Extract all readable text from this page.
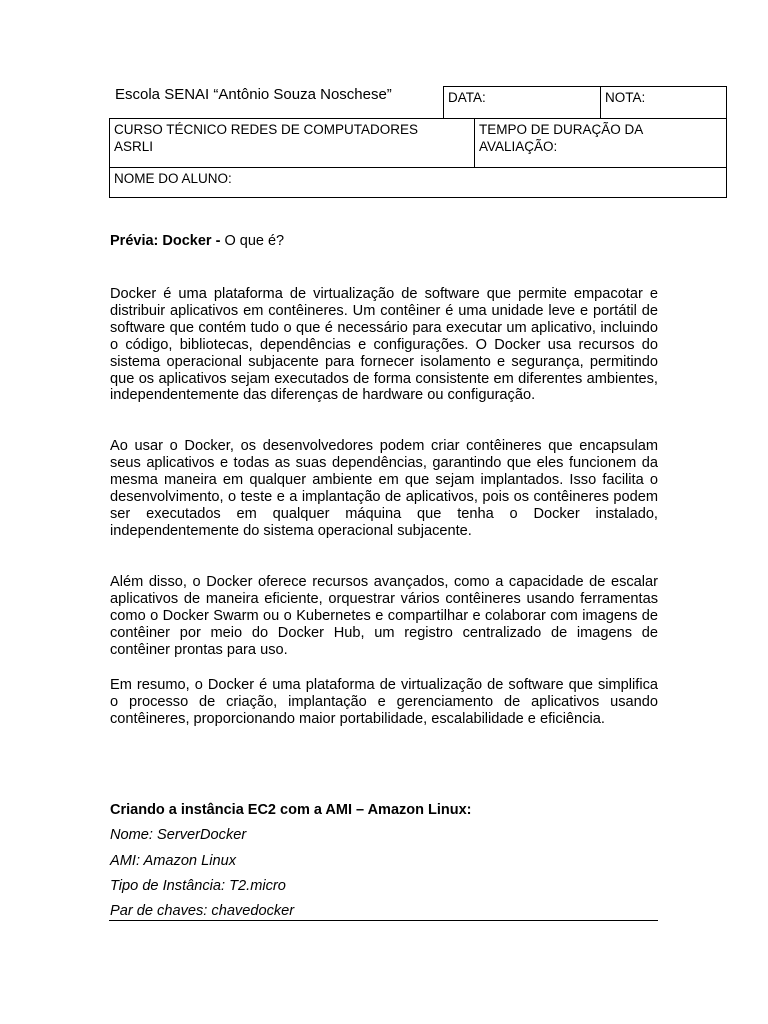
Escola SENAI “Antônio Souza Noschese”	DATA:	NOTA:
CURSO TÉCNICO REDES DE COMPUTADORES
ASRLI
TEMPO DE DURAÇÃO DA
AVALIAÇÃO:
NOME DO ALUNO:
Prévia: Docker - O que é?
Docker é uma plataforma de virtualização de software que permite empacotar e distribuir aplicativos em contêineres. Um contêiner é uma unidade leve e portátil de software que contém tudo o que é necessário para executar um aplicativo, incluindo o código, bibliotecas, dependências e configurações. O Docker usa recursos do sistema operacional subjacente para fornecer isolamento e segurança, permitindo que os aplicativos sejam executados de forma consistente em diferentes ambientes, independentemente das diferenças de hardware ou configuração.
Ao usar o Docker, os desenvolvedores podem criar contêineres que encapsulam seus aplicativos e todas as suas dependências, garantindo que eles funcionem da mesma maneira em qualquer ambiente em que sejam implantados. Isso facilita o desenvolvimento, o teste e a implantação de aplicativos, pois os contêineres podem ser executados em qualquer máquina que tenha o Docker instalado, independentemente do sistema operacional subjacente.
Além disso, o Docker oferece recursos avançados, como a capacidade de escalar aplicativos de maneira eficiente, orquestrar vários contêineres usando ferramentas como o Docker Swarm ou o Kubernetes e compartilhar e colaborar com imagens de contêiner por meio do Docker Hub, um registro centralizado de imagens de contêiner prontas para uso.
Em resumo, o Docker é uma plataforma de virtualização de software que simplifica o processo de criação, implantação e gerenciamento de aplicativos usando contêineres, proporcionando maior portabilidade, escalabilidade e eficiência.
Criando a instância EC2 com a AMI – Amazon Linux:
Nome: ServerDocker
AMI: Amazon Linux
Tipo de Instância: T2.micro
Par de chaves: chavedocker
